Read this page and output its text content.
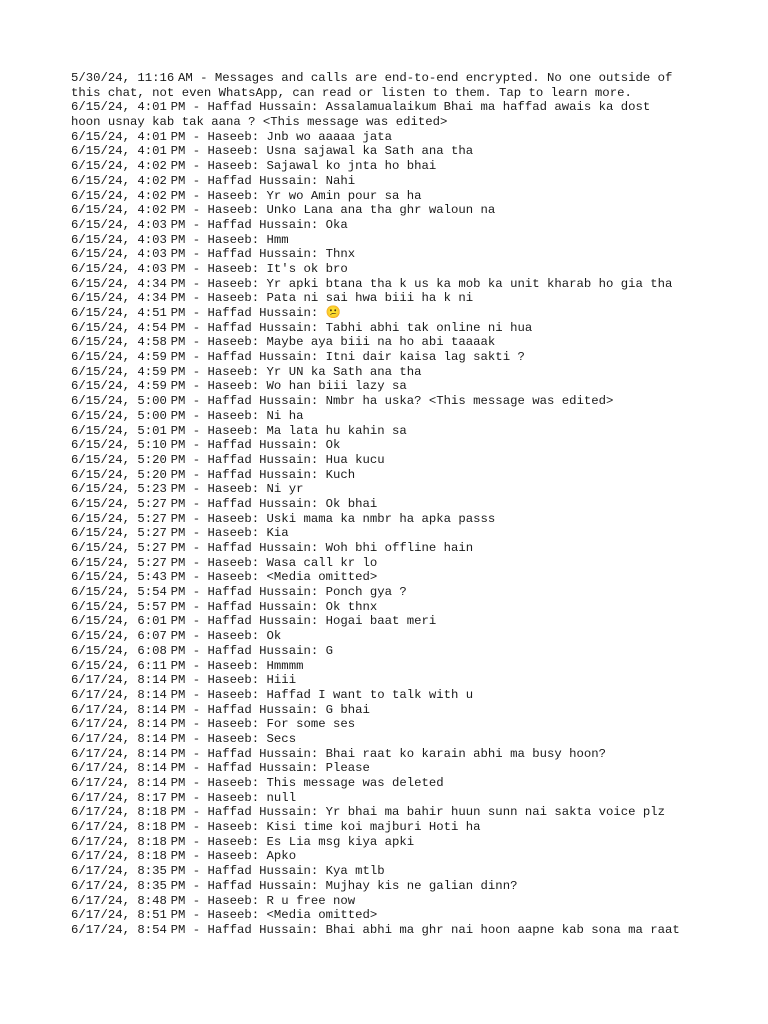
5/30/24, 11:16 AM - Messages and calls are end-to-end encrypted. No one outside of
this chat, not even WhatsApp, can read or listen to them. Tap to learn more.
6/15/24, 4:01 PM - Haffad Hussain: Assalamualaikum Bhai ma haffad awais ka dost
hoon usnay kab tak aana ? <This message was edited>
6/15/24, 4:01 PM - Haseeb: Jnb wo aaaaa jata
6/15/24, 4:01 PM - Haseeb: Usna sajawal ka Sath ana tha
6/15/24, 4:02 PM - Haseeb: Sajawal ko jnta ho bhai
6/15/24, 4:02 PM - Haffad Hussain: Nahi
6/15/24, 4:02 PM - Haseeb: Yr wo Amin pour sa ha
6/15/24, 4:02 PM - Haseeb: Unko Lana ana tha ghr waloun na
6/15/24, 4:03 PM - Haffad Hussain: Oka
6/15/24, 4:03 PM - Haseeb: Hmm
6/15/24, 4:03 PM - Haffad Hussain: Thnx
6/15/24, 4:03 PM - Haseeb: It's ok bro
6/15/24, 4:34 PM - Haseeb: Yr apki btana tha k us ka mob ka unit kharab ho gia tha
6/15/24, 4:34 PM - Haseeb: Pata ni sai hwa biii ha k ni
6/15/24, 4:51 PM - Haffad Hussain: 😕
6/15/24, 4:54 PM - Haffad Hussain: Tabhi abhi tak online ni hua
6/15/24, 4:58 PM - Haseeb: Maybe aya biii na ho abi taaaak
6/15/24, 4:59 PM - Haffad Hussain: Itni dair kaisa lag sakti ?
6/15/24, 4:59 PM - Haseeb: Yr UN ka Sath ana tha
6/15/24, 4:59 PM - Haseeb: Wo han biii lazy sa
6/15/24, 5:00 PM - Haffad Hussain: Nmbr ha uska? <This message was edited>
6/15/24, 5:00 PM - Haseeb: Ni ha
6/15/24, 5:01 PM - Haseeb: Ma lata hu kahin sa
6/15/24, 5:10 PM - Haffad Hussain: Ok
6/15/24, 5:20 PM - Haffad Hussain: Hua kucu
6/15/24, 5:20 PM - Haffad Hussain: Kuch
6/15/24, 5:23 PM - Haseeb: Ni yr
6/15/24, 5:27 PM - Haffad Hussain: Ok bhai
6/15/24, 5:27 PM - Haseeb: Uski mama ka nmbr ha apka passs
6/15/24, 5:27 PM - Haseeb: Kia
6/15/24, 5:27 PM - Haffad Hussain: Woh bhi offline hain
6/15/24, 5:27 PM - Haseeb: Wasa call kr lo
6/15/24, 5:43 PM - Haseeb: <Media omitted>
6/15/24, 5:54 PM - Haffad Hussain: Ponch gya ?
6/15/24, 5:57 PM - Haffad Hussain: Ok thnx
6/15/24, 6:01 PM - Haffad Hussain: Hogai baat meri
6/15/24, 6:07 PM - Haseeb: Ok
6/15/24, 6:08 PM - Haffad Hussain: G
6/15/24, 6:11 PM - Haseeb: Hmmmm
6/17/24, 8:14 PM - Haseeb: Hiii
6/17/24, 8:14 PM - Haseeb: Haffad I want to talk with u
6/17/24, 8:14 PM - Haffad Hussain: G bhai
6/17/24, 8:14 PM - Haseeb: For some ses
6/17/24, 8:14 PM - Haseeb: Secs
6/17/24, 8:14 PM - Haffad Hussain: Bhai raat ko karain abhi ma busy hoon?
6/17/24, 8:14 PM - Haffad Hussain: Please
6/17/24, 8:14 PM - Haseeb: This message was deleted
6/17/24, 8:17 PM - Haseeb: null
6/17/24, 8:18 PM - Haffad Hussain: Yr bhai ma bahir huun sunn nai sakta voice plz
6/17/24, 8:18 PM - Haseeb: Kisi time koi majburi Hoti ha
6/17/24, 8:18 PM - Haseeb: Es Lia msg kiya apki
6/17/24, 8:18 PM - Haseeb: Apko
6/17/24, 8:35 PM - Haffad Hussain: Kya mtlb
6/17/24, 8:35 PM - Haffad Hussain: Mujhay kis ne galian dinn?
6/17/24, 8:48 PM - Haseeb: R u free now
6/17/24, 8:51 PM - Haseeb: <Media omitted>
6/17/24, 8:54 PM - Haffad Hussain: Bhai abhi ma ghr nai hoon aapne kab sona ma raat
